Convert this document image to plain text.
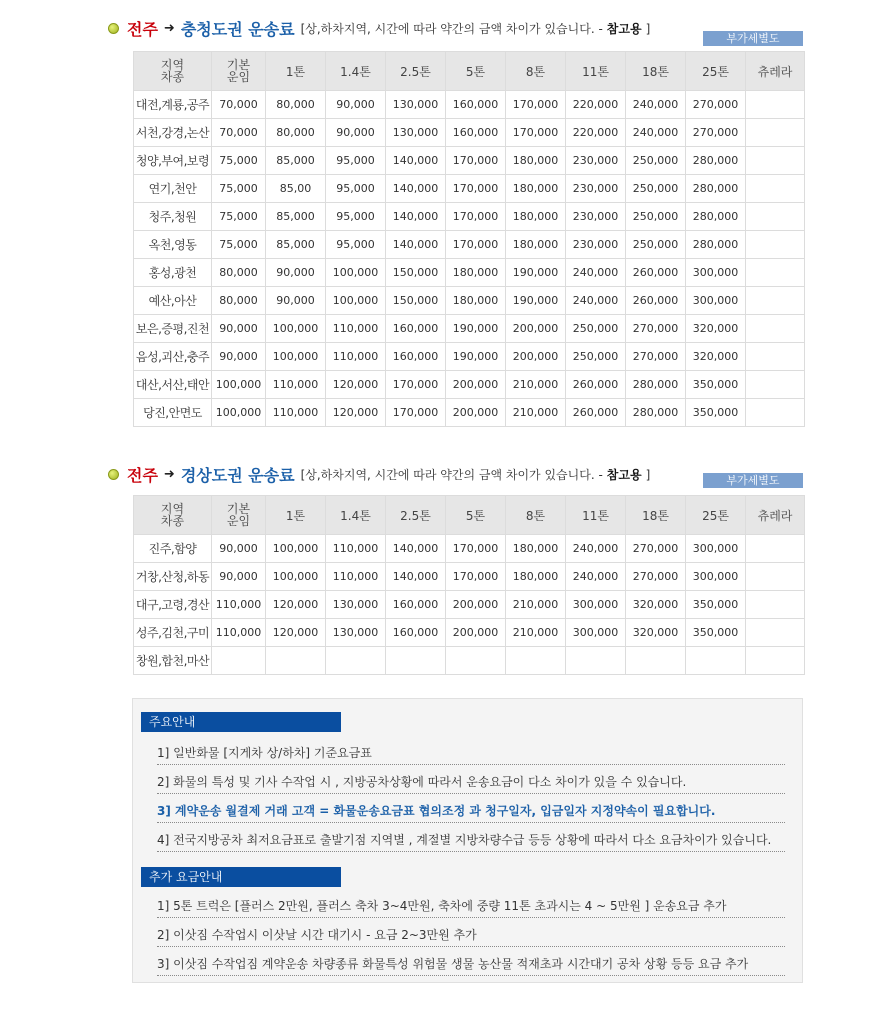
전주 ➜ 충청도권 운송료 [상,하차지역, 시간에 따라 약간의 금액 차이가 있습니다. - 참고용 ]
부가세별도
지역
차종	기본
운임	1톤	1.4톤	2.5톤	5톤	8톤	11톤	18톤	25톤	츄레라
대전,계룡,공주	70,000	80,000	90,000	130,000	160,000	170,000	220,000	240,000	270,000	
서천,강경,논산	70,000	80,000	90,000	130,000	160,000	170,000	220,000	240,000	270,000	
청양,부여,보령	75,000	85,000	95,000	140,000	170,000	180,000	230,000	250,000	280,000	
연기,천안	75,000	85,00	95,000	140,000	170,000	180,000	230,000	250,000	280,000	
청주,청원	75,000	85,000	95,000	140,000	170,000	180,000	230,000	250,000	280,000	
옥천,영동	75,000	85,000	95,000	140,000	170,000	180,000	230,000	250,000	280,000	
홍성,광천	80,000	90,000	100,000	150,000	180,000	190,000	240,000	260,000	300,000	
예산,아산	80,000	90,000	100,000	150,000	180,000	190,000	240,000	260,000	300,000	
보은,증평,진천	90,000	100,000	110,000	160,000	190,000	200,000	250,000	270,000	320,000	
음성,괴산,충주	90,000	100,000	110,000	160,000	190,000	200,000	250,000	270,000	320,000	
대산,서산,태안	100,000	110,000	120,000	170,000	200,000	210,000	260,000	280,000	350,000	
당진,안면도	100,000	110,000	120,000	170,000	200,000	210,000	260,000	280,000	350,000	
전주 ➜ 경상도권 운송료 [상,하차지역, 시간에 따라 약간의 금액 차이가 있습니다. - 참고용 ]	부가세별도
지역
차종	기본
운임	1톤	1.4톤	2.5톤	5톤	8톤	11톤	18톤	25톤	츄레라
진주,함양	90,000	100,000	110,000	140,000	170,000	180,000	240,000	270,000	300,000	
거창,산청,하동	90,000	100,000	110,000	140,000	170,000	180,000	240,000	270,000	300,000	
대구,고령,경산	110,000	120,000	130,000	160,000	200,000	210,000	300,000	320,000	350,000	
성주,김천,구미	110,000	120,000	130,000	160,000	200,000	210,000	300,000	320,000	350,000	
창원,합천,마산										
주요안내
1] 일반화물 [지게차 상/하차] 기준요금표
2] 화물의 특성 및 기사 수작업 시 , 지방공차상황에 따라서 운송요금이 다소 차이가 있을 수 있습니다.
3] 계약운송 월결제 거래 고객 = 화물운송요금표 협의조정 과 청구일자, 입금일자 지정약속이 필요합니다.
4] 전국지방공차 최저요금표로 출발기점 지역별 , 계절별 지방차량수급 등등 상황에 따라서 다소 요금차이가 있습니다.
추가 요금안내
1] 5톤 트럭은 [플러스 2만원, 플러스 축차 3~4만원, 축차에 중량 11톤 초과시는 4 ~ 5만원 ] 운송요금 추가
2] 이삿짐 수작업시 이삿날 시간 대기시 - 요금 2~3만원 추가
3] 이삿짐 수작업짐 계약운송 차량종류 화물특성 위험물 생물 농산물 적재초과 시간대기 공차 상황 등등 요금 추가
